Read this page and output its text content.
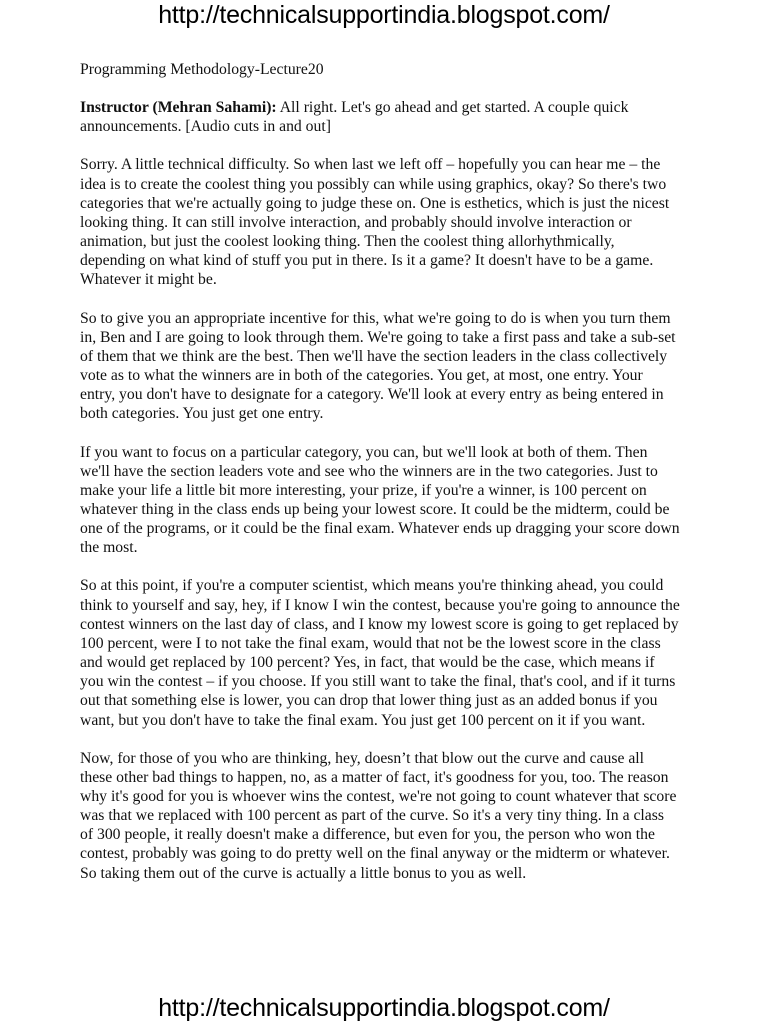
http://technicalsupportindia.blogspot.com/

Programming Methodology-Lecture20

Instructor (Mehran Sahami): All right. Let's go ahead and get started. A couple quick announcements. [Audio cuts in and out]

Sorry. A little technical difficulty. So when last we left off – hopefully you can hear me – the idea is to create the coolest thing you possibly can while using graphics, okay? So there's two categories that we're actually going to judge these on. One is esthetics, which is just the nicest looking thing. It can still involve interaction, and probably should involve interaction or animation, but just the coolest looking thing. Then the coolest thing allorhythmically, depending on what kind of stuff you put in there. Is it a game? It doesn't have to be a game. Whatever it might be.

So to give you an appropriate incentive for this, what we're going to do is when you turn them in, Ben and I are going to look through them. We're going to take a first pass and take a sub-set of them that we think are the best. Then we'll have the section leaders in the class collectively vote as to what the winners are in both of the categories. You get, at most, one entry. Your entry, you don't have to designate for a category. We'll look at every entry as being entered in both categories. You just get one entry.

If you want to focus on a particular category, you can, but we'll look at both of them. Then we'll have the section leaders vote and see who the winners are in the two categories. Just to make your life a little bit more interesting, your prize, if you're a winner, is 100 percent on whatever thing in the class ends up being your lowest score. It could be the midterm, could be one of the programs, or it could be the final exam. Whatever ends up dragging your score down the most.

So at this point, if you're a computer scientist, which means you're thinking ahead, you could think to yourself and say, hey, if I know I win the contest, because you're going to announce the contest winners on the last day of class, and I know my lowest score is going to get replaced by 100 percent, were I to not take the final exam, would that not be the lowest score in the class and would get replaced by 100 percent? Yes, in fact, that would be the case, which means if you win the contest – if you choose. If you still want to take the final, that's cool, and if it turns out that something else is lower, you can drop that lower thing just as an added bonus if you want, but you don't have to take the final exam. You just get 100 percent on it if you want.

Now, for those of you who are thinking, hey, doesn’t that blow out the curve and cause all these other bad things to happen, no, as a matter of fact, it's goodness for you, too. The reason why it's good for you is whoever wins the contest, we're not going to count whatever that score was that we replaced with 100 percent as part of the curve. So it's a very tiny thing. In a class of 300 people, it really doesn't make a difference, but even for you, the person who won the contest, probably was going to do pretty well on the final anyway or the midterm or whatever. So taking them out of the curve is actually a little bonus to you as well.

http://technicalsupportindia.blogspot.com/
